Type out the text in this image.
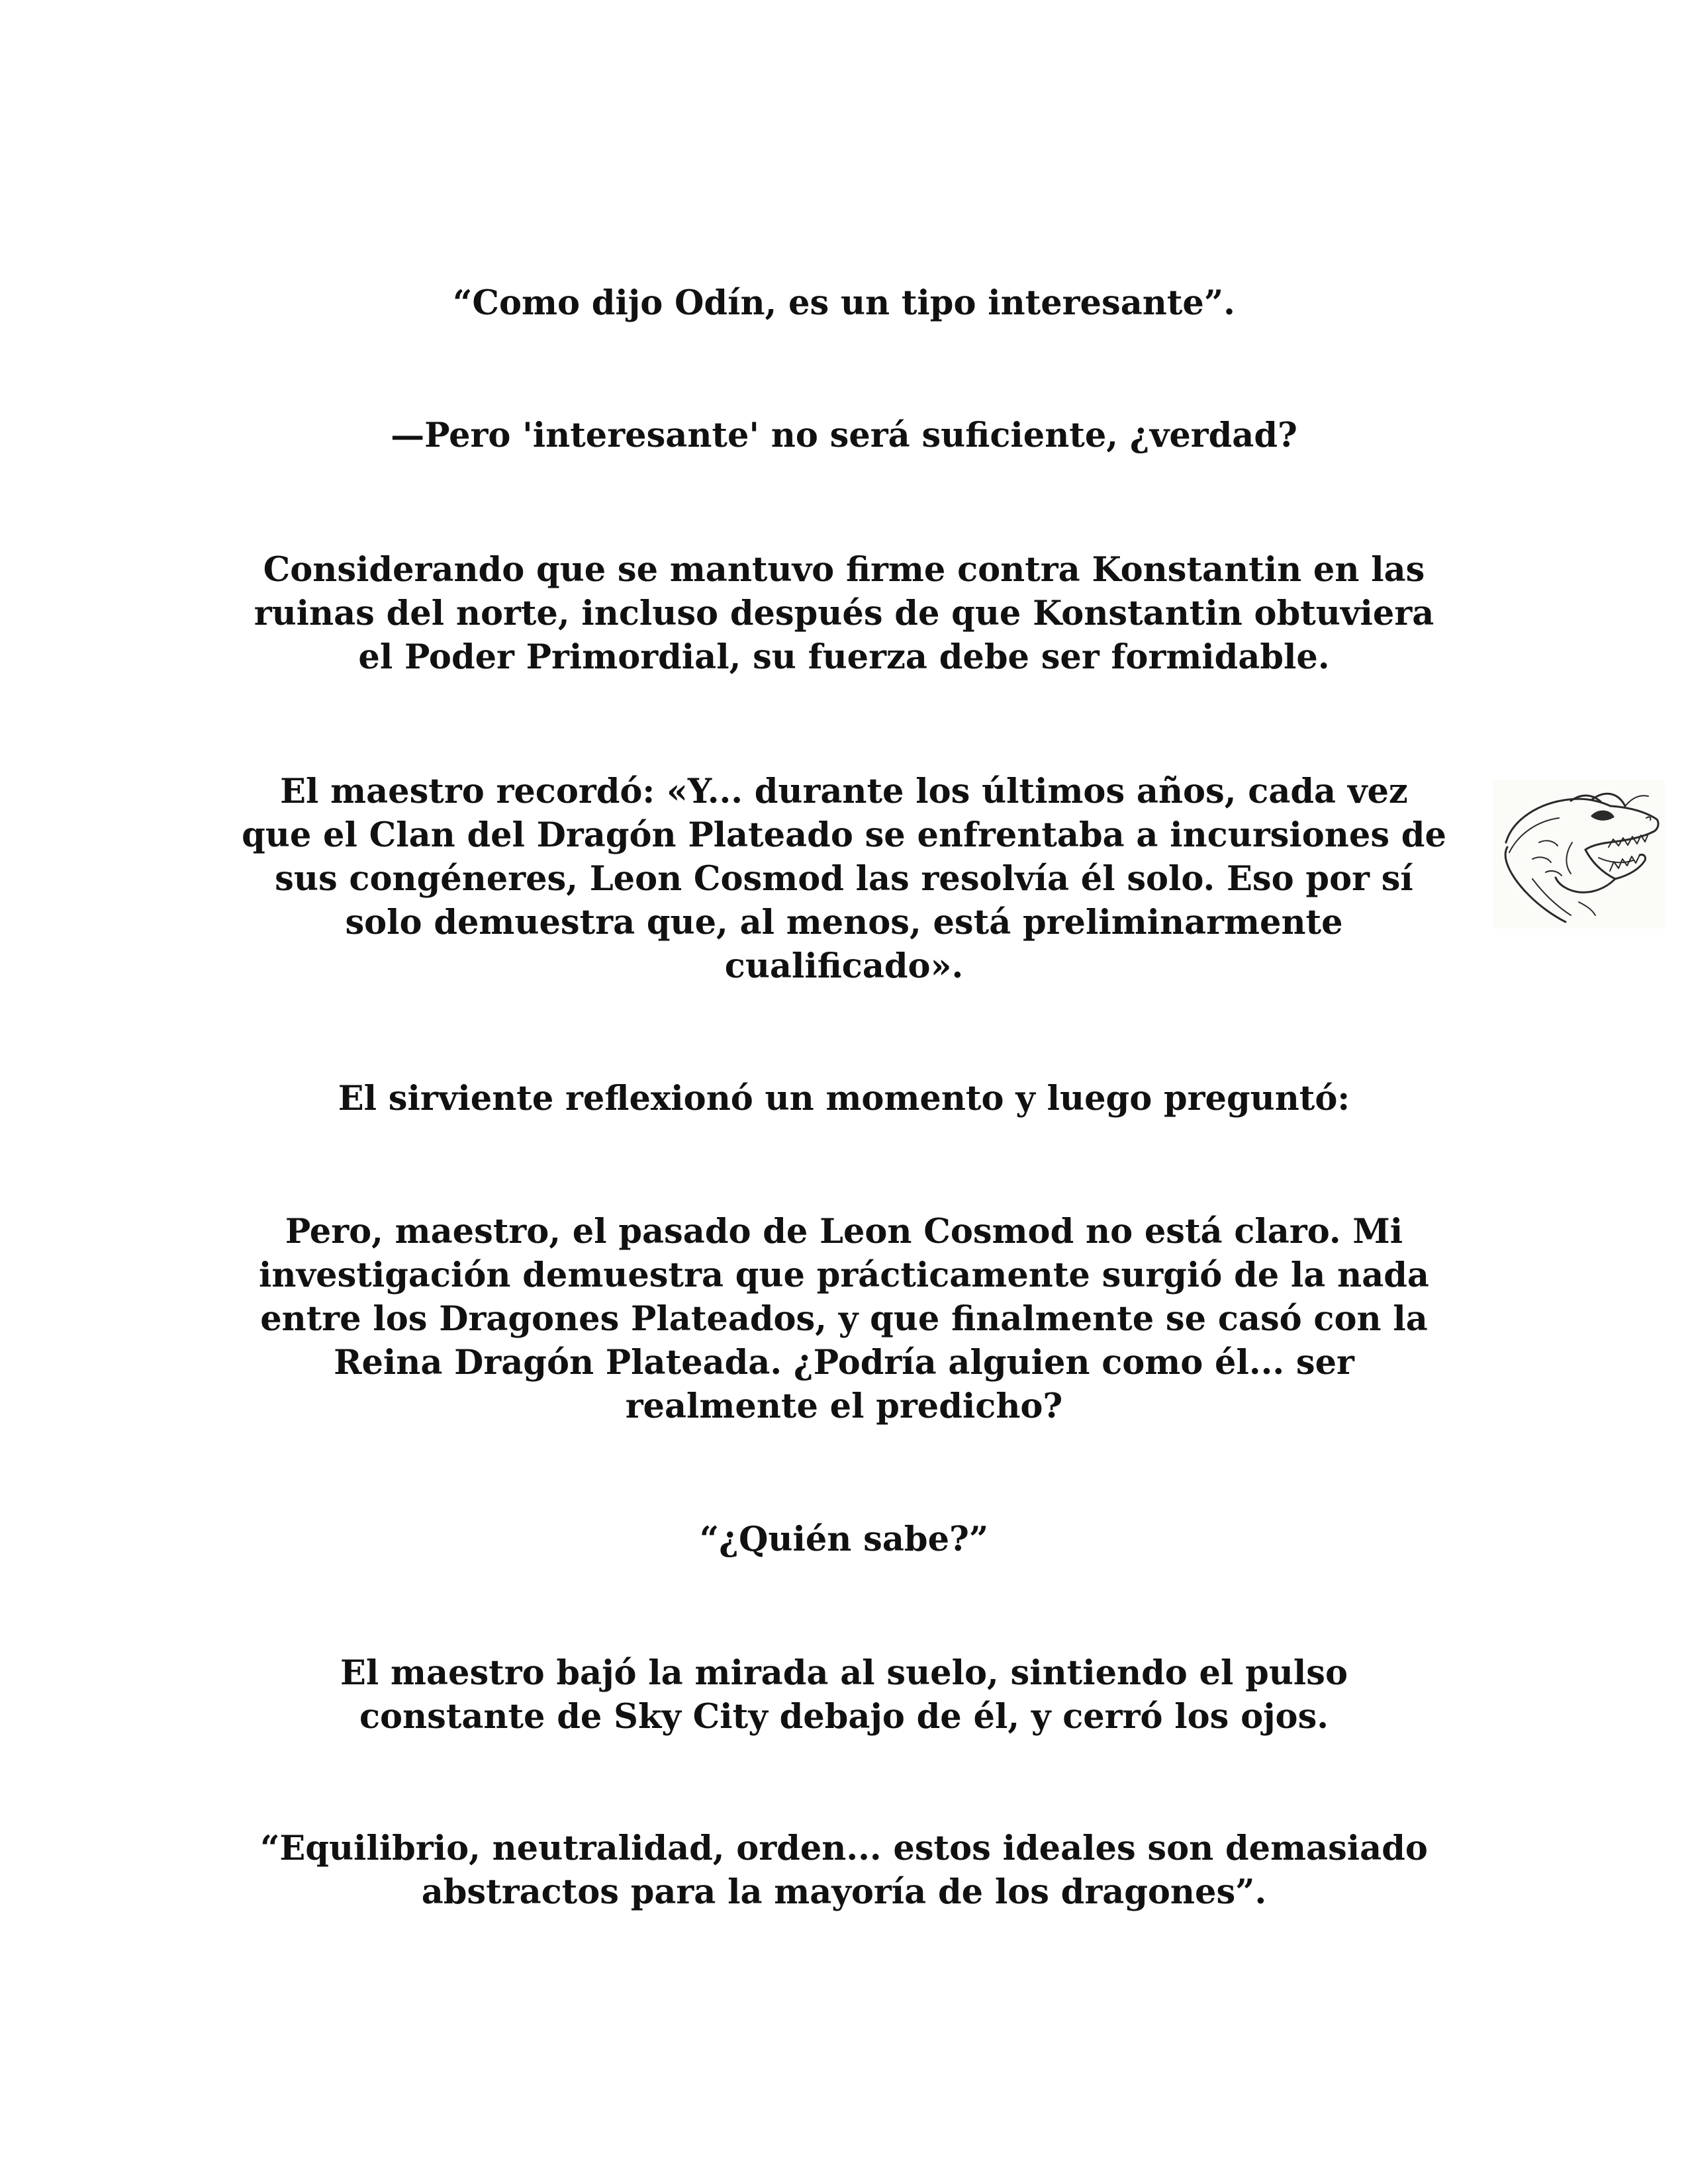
“Como dijo Odín, es un tipo interesante”.

—Pero 'interesante' no será suficiente, ¿verdad?

Considerando que se mantuvo firme contra Konstantin en las
ruinas del norte, incluso después de que Konstantin obtuviera
el Poder Primordial, su fuerza debe ser formidable.

El maestro recordó: «Y... durante los últimos años, cada vez
que el Clan del Dragón Plateado se enfrentaba a incursiones de
sus congéneres, Leon Cosmod las resolvía él solo. Eso por sí
solo demuestra que, al menos, está preliminarmente
cualificado».

El sirviente reflexionó un momento y luego preguntó:

Pero, maestro, el pasado de Leon Cosmod no está claro. Mi
investigación demuestra que prácticamente surgió de la nada
entre los Dragones Plateados, y que finalmente se casó con la
Reina Dragón Plateada. ¿Podría alguien como él... ser
realmente el predicho?

“¿Quién sabe?”

El maestro bajó la mirada al suelo, sintiendo el pulso
constante de Sky City debajo de él, y cerró los ojos.

“Equilibrio, neutralidad, orden... estos ideales son demasiado
abstractos para la mayoría de los dragones”.
